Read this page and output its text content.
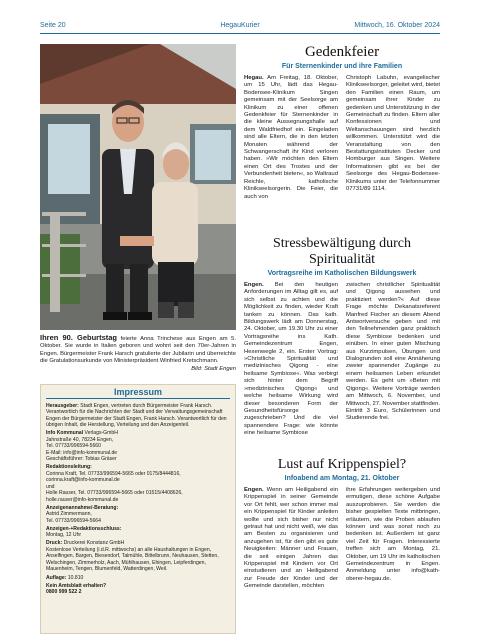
Seite 20	HegauKurier	Mittwoch, 16. Oktober 2024
Ihren 90. Geburtstag feierte Anna Trinchese aus Engen am 5. Oktober. Sie wurde in Italien geboren und wohnt seit den 70er-Jahren in Engen. Bürgermeister Frank Harsch gratulierte der Jubilarin und überreichte die Gratulationsurkunde von Ministerpräsident Winfried Kretschmann.
Bild: Stadt Engen
Impressum

Herausgeber: Stadt Engen, vertreten durch Bürgermeister Frank Harsch. Verantwortlich für die Nachrichten der Stadt und der Verwaltungsgemeinschaft Engen der Bürgermeister der Stadt Engen, Frank Harsch. Verantwortlich für den übrigen Inhalt, die Herstellung, Verteilung und den Anzeigenteil.

Info Kommunal Verlags-GmbH
Jahnstraße 40, 78234 Engen,
Tel. 07733/996594-5660
E-Mail: info@info-kommunal.de
Geschäftsführer: Tobias Gräser

Redaktionsleitung:
Corinna Kraft, Tel. 07733/996594-5665 oder 0175/8444816,
corinna.kraft@info-kommunal.de
und
Holle Rauser, Tel. 07733/996594-5665 oder 01515/4408626,
holle.rauser@info-kommunal.de

Anzeigenannahme/-Beratung:
Astrid Zimmermann,
Tel. 07733/996594-5664

Anzeigen-+Redaktionsschluss:
Montag, 12 Uhr

Druck: Druckerei Konstanz GmbH
Kostenlose Verteilung (i.d.R. mittwochs) an alle Haushaltungen in Engen, Anselfingen, Bargen, Biesendorf, Talmühle, Bittelbrunn, Neuhausen, Stetten, Welschingen, Zimmerholz, Aach, Mühlhausen, Ehingen, Leipferdingen, Mauenheim, Tengen, Blumenfeld, Watterdingen, Weil.

Auflage: 10.810

Kein Amtsblatt erhalten?
0800 999 522 2

Gedenkfeier
Für Sternenkinder und ihre Familien

Hegau. Am Freitag, 18. Oktober, um 15 Uhr, lädt das Hegau-Bodensee-Klinikum Singen gemeinsam mit der Seelsorge am Klinikum zu einer offenen Gedenkfeier für Sternenkinder in die kleine Aussegnungshalle auf dem Waldfriedhof ein. Eingeladen sind alle Eltern, die in den letzten Monaten während der Schwangerschaft ihr Kind verloren haben. »Wir möchten den Eltern einen Ort des Trostes und der Verbundenheit bieten«, so Waltraud Reichle, katholische Klinikseelsorgerin. Die Feier, die auch von

Christoph Labuhn, evangelischer Klinikseelsorger, geleitet wird, bietet den Familien einen Raum, um gemeinsam ihrer Kinder zu gedenken und Unterstützung in der Gemeinschaft zu finden. Eltern aller Konfessionen und Weltanschauungen sind herzlich willkommen. Unterstützt wird die Veranstaltung von den Bestattungsinstituten Decker und Homburger aus Singen. Weitere Informationen gibt es bei der Seelsorge des Hegau-Bodensee-Klinikums unter der Telefonnummer 07731/89 1114.

Stressbewältigung durch Spiritualität
Vortragsreihe im Katholischen Bildungswerk

Engen. Bei den heutigen Anforderungen im Alltag gilt es, auf sich selbst zu achten und die Möglichkeit zu finden, wieder Kraft tanken zu können. Das kath. Bildungswerk lädt am Donnerstag, 24. Oktober, um 19.30 Uhr zu einer Vortragsreihe ins Kath. Gemeindezentrum Engen, Hexenwegle 2, ein. Erster Vortrag: »Christliche Spiritualität und medizinisches Qigong - eine heilsame Symbiose«. Was verbirgt sich hinter dem Begriff »medizinisches Qigong« und welche heilsame Wirkung wird dieser besonderen Form der Gesundheitsfürsorge zugeschrieben? Und die viel spannendere Frage: wie könnte eine heilsame Symbiose

zwischen christlicher Spiritualität und Qigong aussehen und praktiziert werden?« Auf diese Frage möchte Dekanatsreferent Manfred Fischer an diesem Abend Antwortversuche geben und mit den Teilnehmenden ganz praktisch diese Symbiose bedenken und einüben. In einer guten Mischung aus Kurzimpulsen, Übungen und Dialogrunden soll eine Annäherung zweier spannender Zugänge zu einem heilsamen Leben erkundet werden. Es geht um »Beten mit Qigong«. Weitere Vorträge werden am Mittwoch, 6. November, und Mittwoch, 27. November stattfinden. Eintritt 3 Euro, Schülerinnen und Studierende frei.

Lust auf Krippenspiel?
Infoabend am Montag, 21. Oktober

Engen. Wenn am Heiligabend ein Krippenspiel in seiner Gemeinde vor Ort fehlt, wer schon immer mal ein Krippenspiel für Kinder anleiten wollte und sich bisher nur nicht getraut hat und nicht weiß, wie das am Besten zu organisieren und anzugehen ist, für den gibt es gute Neuigkeiten: Männer und Frauen, die seit einigen Jahren das Krippenspiel mit Kindern vor Ort einstudieren und an Heiligabend zur Freude der Kinder und der Gemeinde darstellen, möchten

ihre Erfahrungen weitergeben und ermutigen, diese schöne Aufgabe auszuprobieren. Sie werden die bisher gespielten Texte mitbringen, erläutern, wie die Proben ablaufen können und was sonst noch zu bedenken ist. Außerdem ist ganz viel Zeit für Fragen. Interessierte treffen sich am Montag, 21. Oktober, um 19 Uhr im katholischen Gemeindezentrum in Engen. Anmeldung unter info@kath-oberer-hegau.de.
